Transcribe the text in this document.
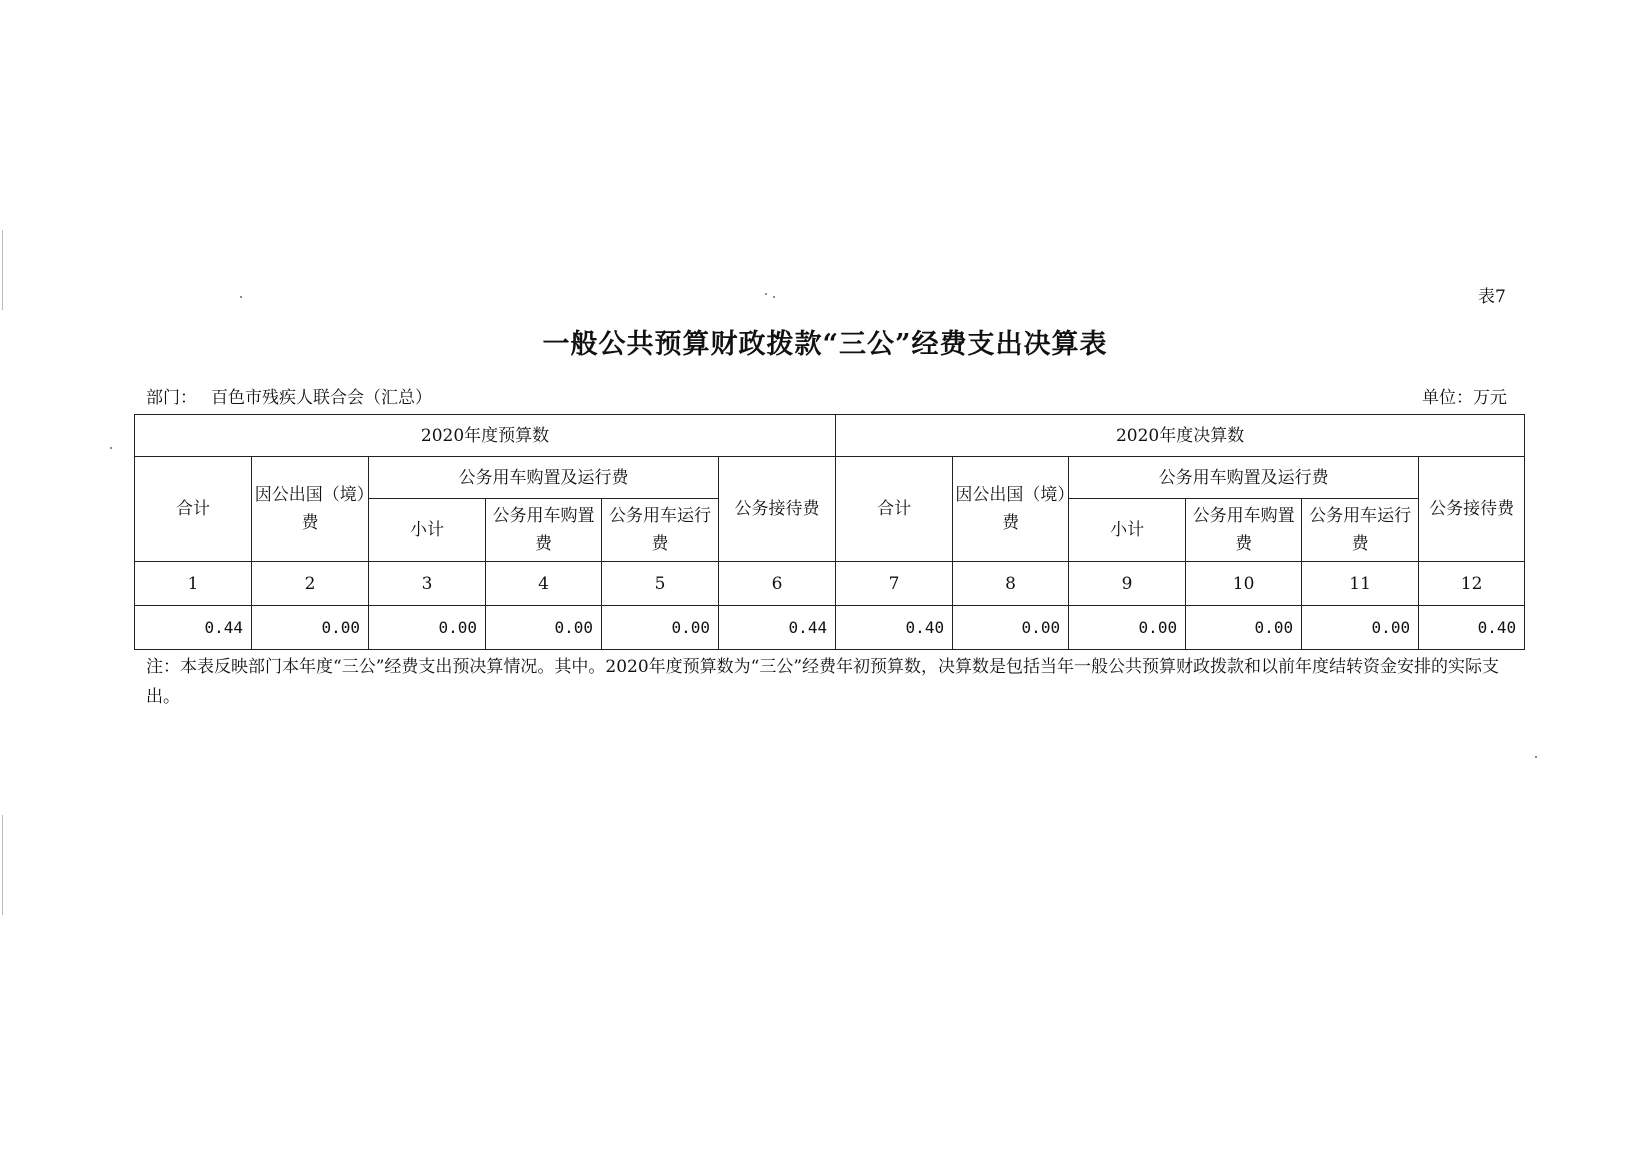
表7
一般公共预算财政拨款“三公”经费支出决算表
部门： 百色市残疾人联合会（汇总）	单位：万元
2020年度预算数						2020年度决算数					
合计	因公出国（境）费	公务用车购置及运行费			公务接待费	合计	因公出国（境）费	公务用车购置及运行费			公务接待费
		小计	公务用车购置费	公务用车运行费				小计	公务用车购置费	公务用车运行费	
1	2	3	4	5	6	7	8	9	10	11	12
0.44	0.00	0.00	0.00	0.00	0.44	0.40	0.00	0.00	0.00	0.00	0.40
注：本表反映部门本年度“三公”经费支出预决算情况。其中。2020年度预算数为“三公”经费年初预算数，决算数是包括当年一般公共预算财政拨款和以前年度结转资金安排的实际支出。
